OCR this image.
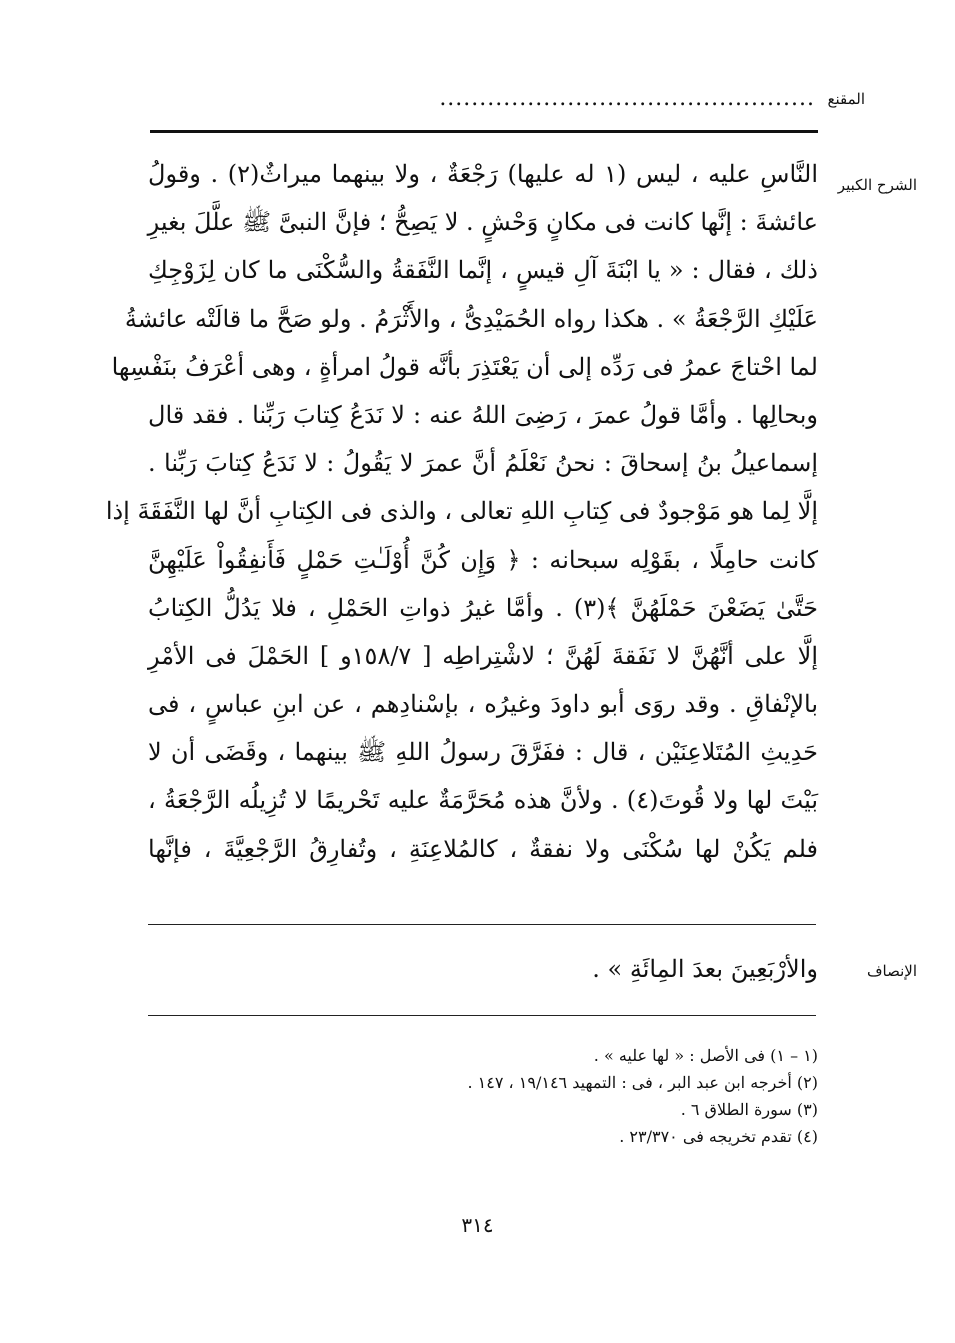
المقنع
...............................................
الشرح الكبير
النَّاسِ عليه ، ليس (١ له عليها) رَجْعَةٌ ، ولا بينهما ميراثٌ(٢) . وقولُ
عائشةَ : إنَّها كانت فى مكانٍ وَحْشٍ . لا يَصِحُّ ؛ فإنَّ النبىَّ ﷺ علَّلَ بغيرِ
ذلك ، فقال : « يا ابْنَةَ آلِ قيسٍ ، إنَّما النَّفَقةُ والسُّكْنَى ما كان لِزَوْجِكِ
عَلَيْكِ الرَّجْعَةُ » . هكذا رواه الحُمَيْدِىُّ ، والأَثْرَمُ . ولو صَحَّ ما قالَتْه عائشةُ
لما احْتاجَ عمرُ فى رَدِّه إلى أن يَعْتَذِرَ بأنَّه قولُ امرأةٍ ، وهى أعْرَفُ بنَفْسِها
وبحالِها . وأمَّا قولُ عمرَ ، رَضِىَ اللهُ عنه : لا نَدَعُ كِتابَ رَبِّنا . فقد قال
إسماعيلُ بنُ إسحاقَ : نحنُ نَعْلَمُ أنَّ عمرَ لا يَقُولُ : لا نَدَعُ كِتابَ رَبِّنا .
إلَّا لِما هو مَوْجودٌ فى كِتابِ اللهِ تعالى ، والذى فى الكِتابِ أنَّ لها النَّفَقَةَ إذا
كانت حامِلًا ، بقَوْلِه سبحانه : ﴿ وَإِن كُنَّ أُوْلَـٰتِ حَمْلٍ فَأَنفِقُواْ عَلَيْهِنَّ
حَتَّىٰ يَضَعْنَ حَمْلَهُنَّ ﴾(٣) . وأمَّا غيرُ ذواتِ الحَمْلِ ، فلا يَدُلُّ الكِتابُ
إلَّا على أنَّهُنَّ لا نَفَقةَ لَهُنَّ ؛ لاشْتِراطِه [ ١٥٨/٧و ] الحَمْلَ فى الأمْرِ
بالإنْفاقِ . وقد روَى أبو داودَ وغيرُه ، بإسْنادِهم ، عن ابنِ عباسٍ ، فى
حَدِيثِ المُتَلاعِنَيْن ، قال : ففَرَّقَ رسولُ اللهِ ﷺ بينهما ، وقَضَى أن لا
بَيْتَ لها ولا قُوتَ(٤) . ولأنَّ هذه مُحَرَّمَةٌ عليه تَحْريمًا لا تُزِيلُه الرَّجْعَةُ ،
فلم يَكُنْ لها سُكْنَى ولا نفقةٌ ، كالمُلاعِنَةِ ، وتُفارِقُ الرَّجْعِيَّةَ ، فإنَّها
الإنصاف
والأرْبَعِينَ بعدَ المِائَةِ » .
(١ – ١) فى الأصل : « لها عليه » .
(٢) أخرجه ابن عبد البر ، فى : التمهيد ١٩/١٤٦ ، ١٤٧ .
(٣) سورة الطلاق ٦ .
(٤) تقدم تخريجه فى ٢٣/٣٧٠ .
٣١٤
